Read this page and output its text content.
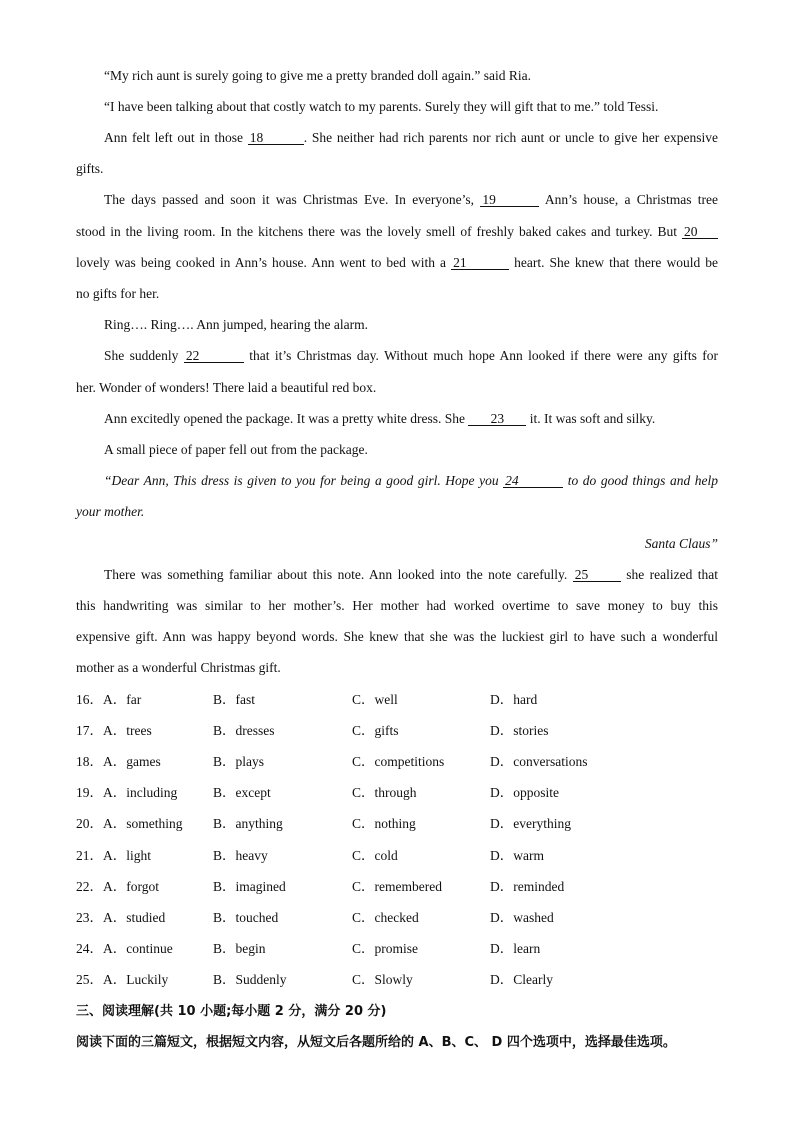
“My rich aunt is surely going to give me a pretty branded doll again.” said Ria.
“I have been talking about that costly watch to my parents. Surely they will gift that to me.” told Tessi.
Ann felt left out in those 18	. She neither had rich parents nor rich aunt or uncle to give her expensive
gifts.
The days passed and soon it was Christmas Eve. In everyone’s, 19	Ann’s house, a Christmas tree
stood in the living room. In the kitchens there was the lovely smell of freshly baked cakes and turkey. But 20
lovely was being cooked in Ann’s house. Ann went to bed with a 21	heart. She knew that there would be
no gifts for her.
Ring…. Ring…. Ann jumped, hearing the alarm.
She suddenly 22	that it’s Christmas day. Without much hope Ann looked if there were any gifts for
her. Wonder of wonders! There laid a beautiful red box.
Ann excitedly opened the package. It was a pretty white dress. She 23 it. It was soft and silky.
A small piece of paper fell out from the package.
“Dear Ann, This dress is given to you for being a good girl. Hope you 24	to do good things and help
your mother.
Santa Claus”
There was something familiar about this note. Ann looked into the note carefully. 25	she realized that
this handwriting was similar to her mother’s. Her mother had worked overtime to save money to buy this
expensive gift. Ann was happy beyond words. She knew that she was the luckiest girl to have such a wonderful
mother as a wonderful Christmas gift.
16．A．far	B．fast	C．well	D．hard
17．A．trees	B．dresses	C．gifts	D．stories
18．A．games	B．plays	C．competitions	D．conversations
19．A．including	B．except	C．through	D．opposite
20．A．something B．anything	C．nothing	D．everything
21．A．light	B．heavy	C．cold	D．warm
22．A．forgot	B．imagined	C．remembered	D．reminded
23．A．studied	B．touched	C．checked	D．washed
24．A．continue	B．begin	C．promise	D．learn
25．A．Luckily	B．Suddenly	C．Slowly	D．Clearly
三、阅读理解(共 10 小题;每小题 2 分，满分 20 分)
阅读下面的三篇短文，根据短文内容，从短文后各题所给的 A、B、C、 D 四个选项中，选择最佳选项。
